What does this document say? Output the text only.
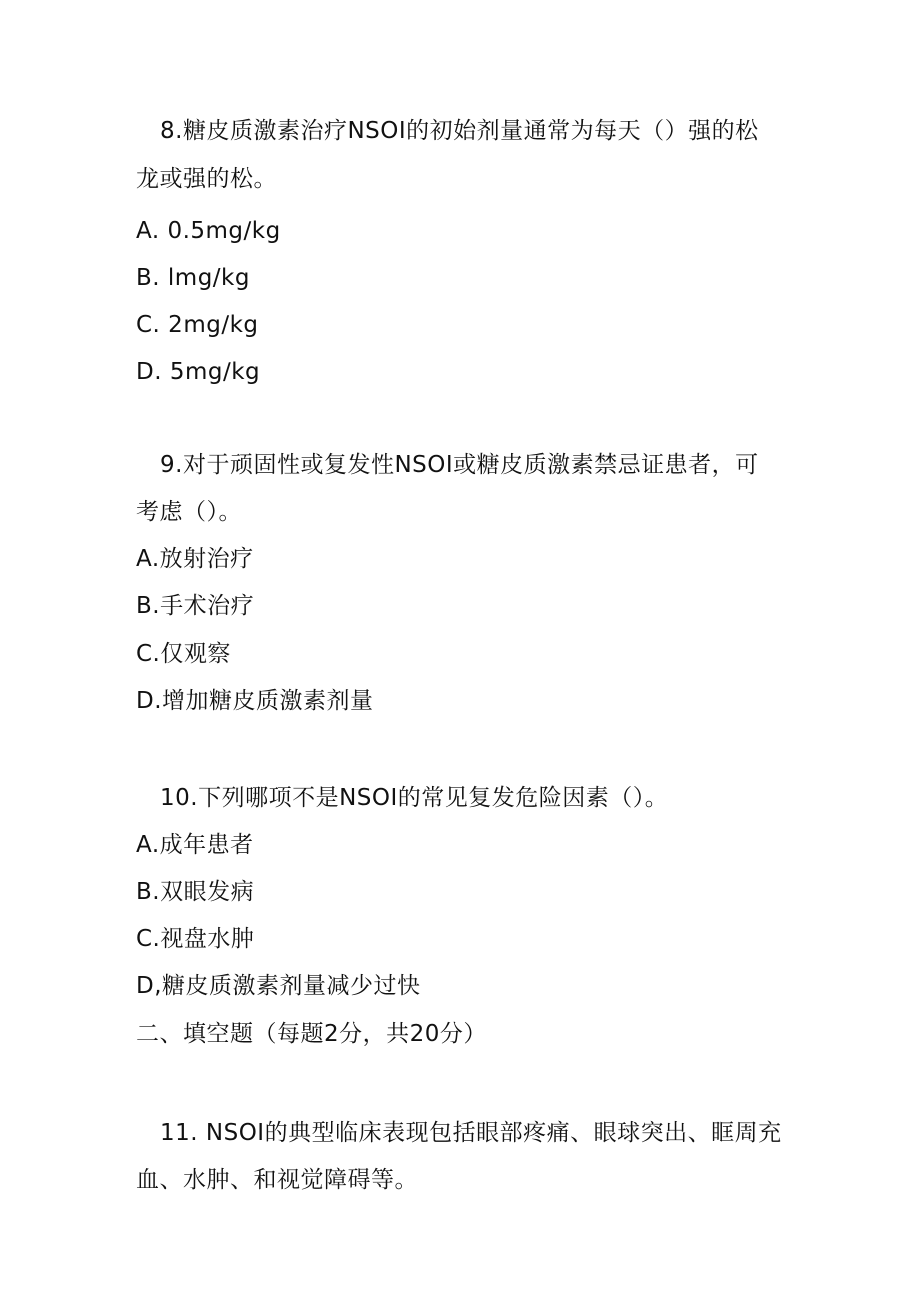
8.糖皮质激素治疗NSOI的初始剂量通常为每天（）强的松
龙或强的松。
A. 0.5mg∕kg
B. lmg/kg
C. 2mg∕kg
D. 5mg∕kg
9.对于顽固性或复发性NSOI或糖皮质激素禁忌证患者，可
考虑（）。
A.放射治疗
B.手术治疗
C.仅观察
D.增加糖皮质激素剂量
10.下列哪项不是NSOI的常见复发危险因素（）。
A.成年患者
B.双眼发病
C.视盘水肿
D,糖皮质激素剂量减少过快
二、填空题（每题2分，共20分）
11. NSOI的典型临床表现包括眼部疼痛、眼球突出、眶周充
血、水肿、和视觉障碍等。
